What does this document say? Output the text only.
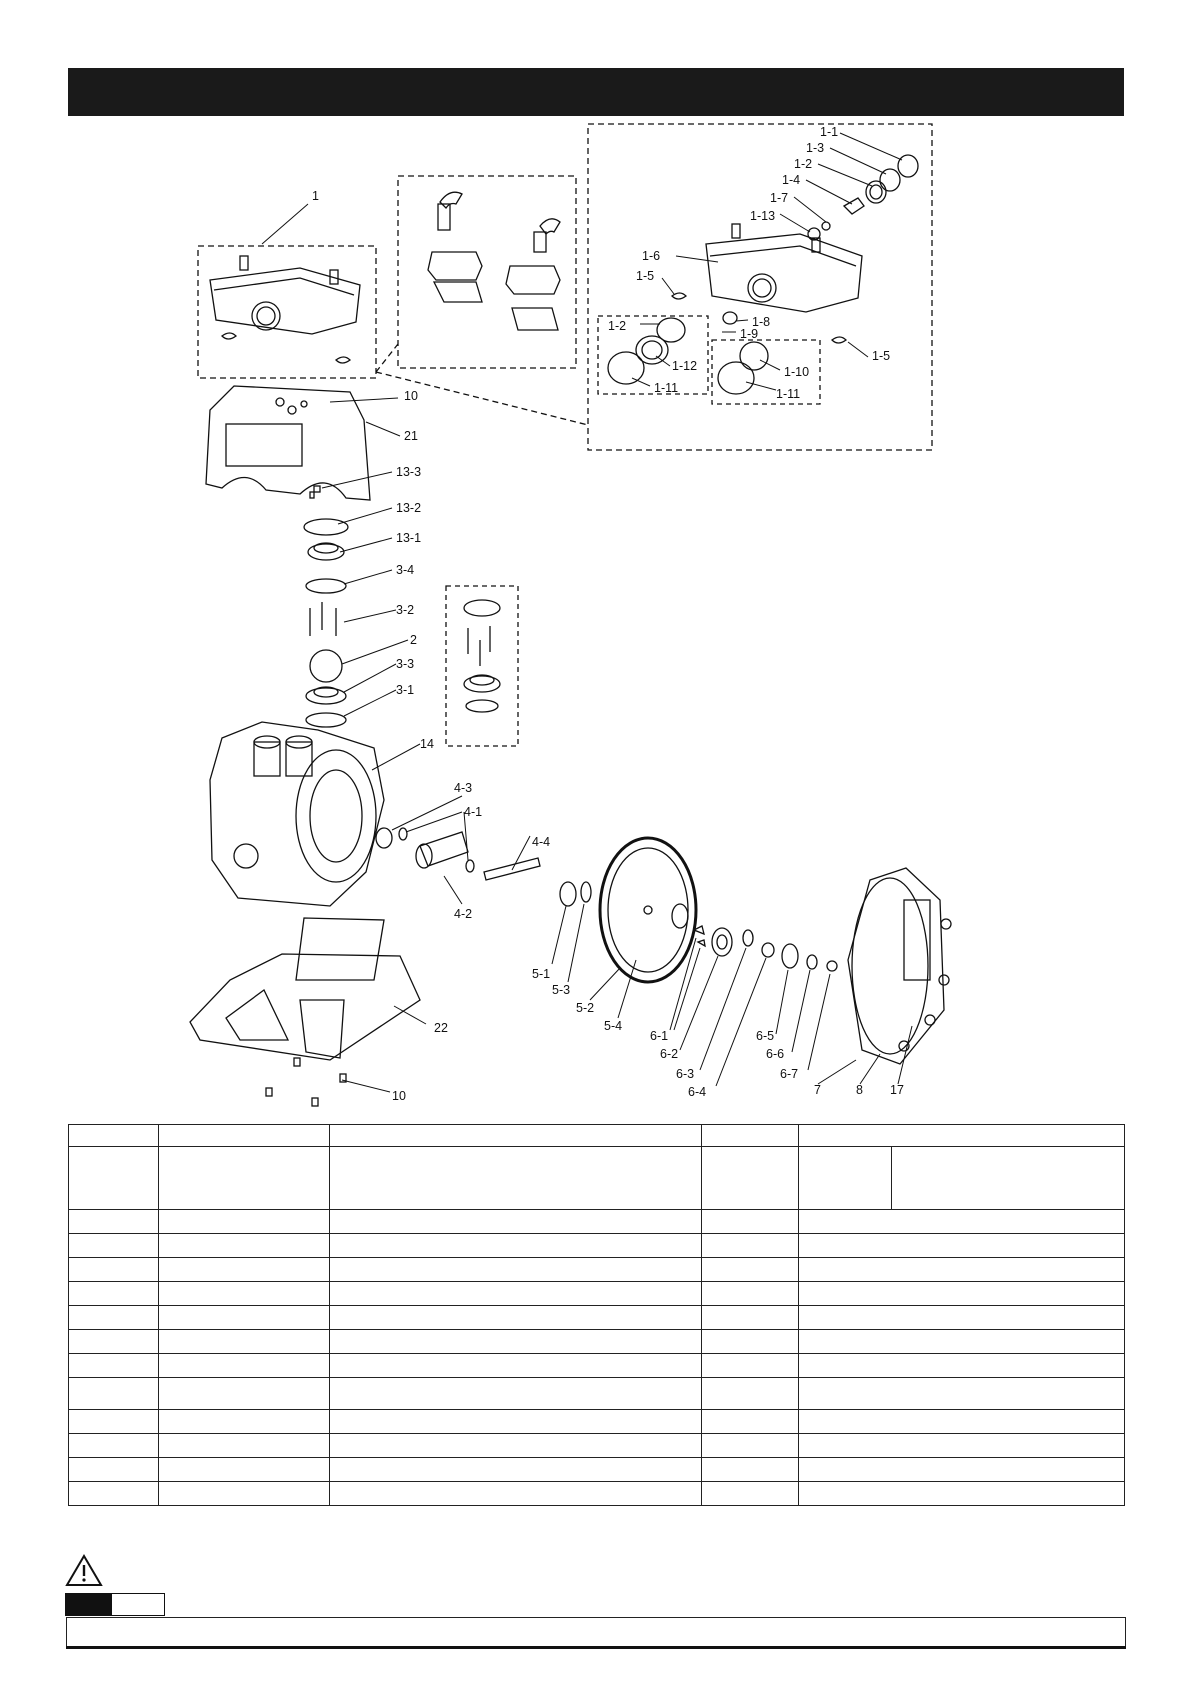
1
1-1
1-3
1-2
1-4
1-7
1-13
1-6
1-5
1-8
1-9
1-2
1-12
1-11
1-10
1-11
1-5
10
21
13-3
13-2
13-1
3-4
3-2
2
3-3
3-1
14
4-3
4-1
4-4
4-2
5-1
5-3
5-2
5-4
6-1
6-2
6-3
6-4
6-5
6-6
6-7
7	8 17
22
10
